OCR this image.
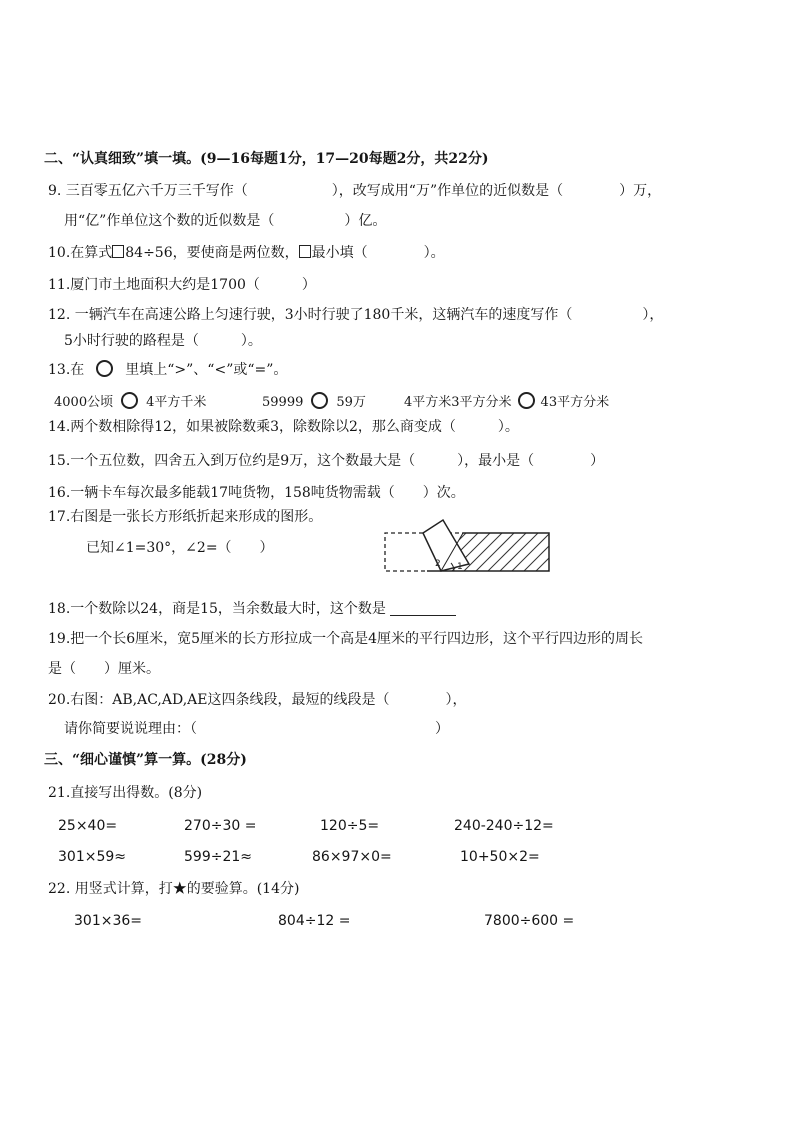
二、“认真细致”填一填。(9—16每题1分，17—20每题2分，共22分)
9. 三百零五亿六千万三千写作（　　　　　　），改写成用“万”作单位的近似数是（　　　　）万，
用“亿”作单位这个数的近似数是（　　　　　）亿。
10.在算式 84÷56，要使商是两位数， 最小填（　　　　）。
11.厦门市土地面积大约是1700（　　　）
12. 一辆汽车在高速公路上匀速行驶，3小时行驶了180千米，这辆汽车的速度写作（　　　　　），
5小时行驶的路程是（　　　）。
13.在	里填上“>”、“<”或“=”。
4000公顷	4平方千米	59999	59万	4平方米3平方分米 43平方分米
14.两个数相除得12，如果被除数乘3，除数除以2，那么商变成（　　　）。
15.一个五位数，四舍五入到万位约是9万，这个数最大是（　　　），最小是（　　　　）
16.一辆卡车每次最多能载17吨货物，158吨货物需载（　　）次。
17.右图是一张长方形纸折起来形成的图形。
已知∠1=30°，∠2=（　　）
1
2
18.一个数除以24，商是15，当余数最大时，这个数是
19.把一个长6厘米，宽5厘米的长方形拉成一个高是4厘米的平行四边形，这个平行四边形的周长
是（　　）厘米。
20.右图：AB,AC,AD,AE这四条线段，最短的线段是（　　　　），
请你简要说说理由：（　　　　　　　　　　　　　　　　　）
三、“细心谨慎”算一算。(28分)
21.直接写出得数。(8分)
25×40=	270÷30 =	120÷5=	240-240÷12=
301×59≈	599÷21≈	86×97×0=	10+50×2=
22. 用竖式计算，打★的要验算。(14分)
301×36=	804÷12 =	7800÷600 =
